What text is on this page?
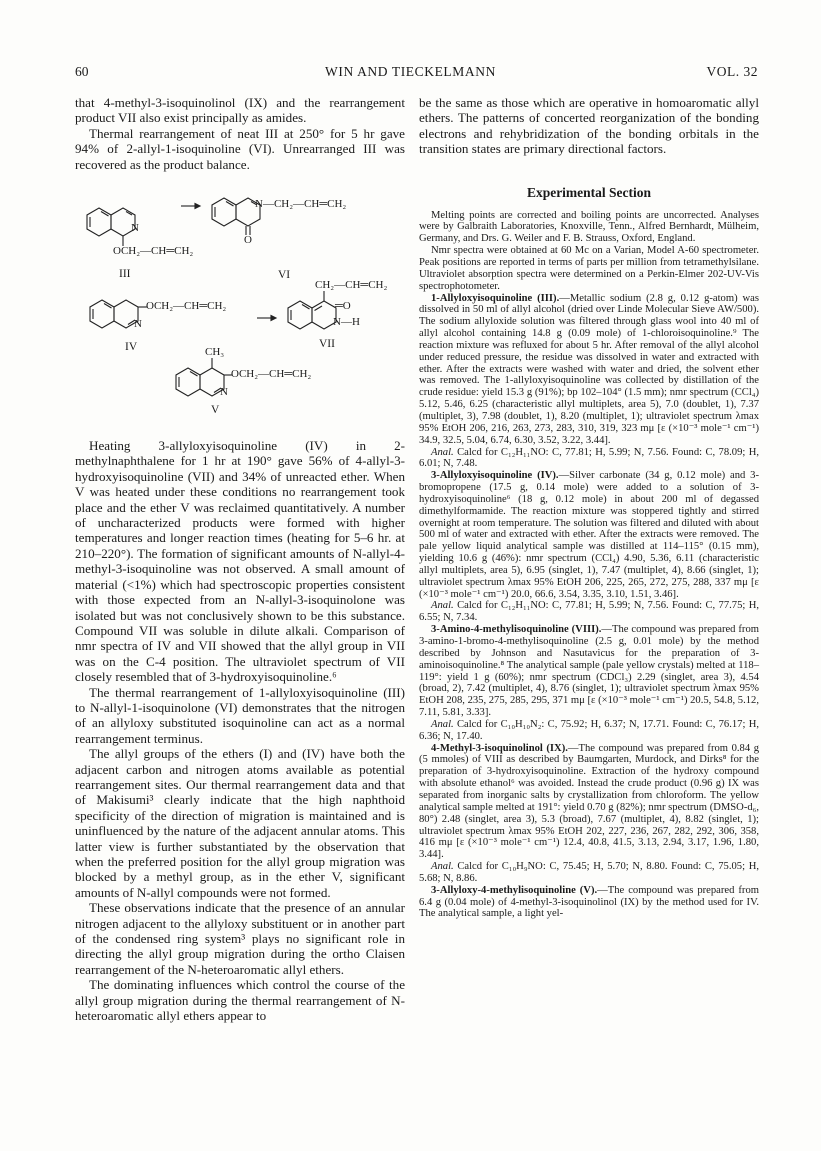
60	WIN AND TIECKELMANN	VOL. 32

that 4-methyl-3-isoquinolinol (IX) and the rearrangement product VII also exist principally as amides.

Thermal rearrangement of neat III at 250° for 5 hr gave 94% of 2-allyl-1-isoquinoline (VI). Unrearranged III was recovered as the product balance.

N
OCH₂—CH═CH₂
III
N—CH₂—CH═CH₂
O
VI
OCH₂—CH═CH₂
N
IV
CH₂—CH═CH₂
═O
N—H
VII
CH₃
OCH₂—CH═CH₂
N
V

Heating 3-allyloxyisoquinoline (IV) in 2-methylnaphthalene for 1 hr at 190° gave 56% of 4-allyl-3-hydroxyisoquinoline (VII) and 34% of unreacted ether. When V was heated under these conditions no rearrangement took place and the ether V was reclaimed quantitatively. A number of uncharacterized products were formed with higher temperatures and longer reaction times (heating for 5–6 hr. at 210–220°). The formation of significant amounts of N-allyl-4-methyl-3-isoquinoline was not observed. A small amount of material (<1%) which had spectroscopic properties consistent with those expected from an N-allyl-3-isoquinolone was isolated but was not conclusively shown to be this substance. Compound VII was soluble in dilute alkali. Comparison of nmr spectra of IV and VII showed that the allyl group in VII was on the C-4 position. The ultraviolet spectrum of VII closely resembled that of 3-hydroxyisoquinoline.⁶

The thermal rearrangement of 1-allyloxyisoquinoline (III) to N-allyl-1-isoquinolone (VI) demonstrates that the nitrogen of an allyloxy substituted isoquinoline can act as a normal rearrangement terminus.

The allyl groups of the ethers (I) and (IV) have both the adjacent carbon and nitrogen atoms available as potential rearrangement sites. Our thermal rearrangement data and that of Makisumi³ clearly indicate that the high naphthoid specificity of the direction of migration is maintained and is uninfluenced by the nature of the adjacent annular atoms. This latter view is further substantiated by the observation that when the preferred position for the allyl group migration was blocked by a methyl group, as in the ether V, significant amounts of N-allyl compounds were not formed.

These observations indicate that the presence of an annular nitrogen adjacent to the allyloxy substituent or in another part of the condensed ring system³ plays no significant role in directing the allyl group migration during the ortho Claisen rearrangement of the N-heteroaromatic allyl ethers.

The dominating influences which control the course of the allyl group migration during the thermal rearrangement of N-heteroaromatic allyl ethers appear to

be the same as those which are operative in homoaromatic allyl ethers. The patterns of concerted reorganization of the bonding electrons and rehybridization of the bonding orbitals in the transition states are primary directional factors.

Experimental Section

Melting points are corrected and boiling points are uncorrected. Analyses were by Galbraith Laboratories, Knoxville, Tenn., Alfred Bernhardt, Mülheim, Germany, and Drs. G. Weiler and F. B. Strauss, Oxford, England.

Nmr spectra were obtained at 60 Mc on a Varian, Model A-60 spectrometer. Peak positions are reported in terms of parts per million from tetramethylsilane. Ultraviolet absorption spectra were determined on a Perkin-Elmer 202-UV-Vis spectrophotometer.

1-Allyloxyisoquinoline (III).—Metallic sodium (2.8 g, 0.12 g-atom) was dissolved in 50 ml of allyl alcohol (dried over Linde Molecular Sieve AW/500). The sodium allyloxide solution was filtered through glass wool into 40 ml of allyl alcohol containing 14.8 g (0.09 mole) of 1-chloroisoquinoline.⁹ The reaction mixture was refluxed for about 5 hr. After removal of the allyl alcohol under reduced pressure, the residue was dissolved in water and extracted with ether. After the extracts were washed with water and dried, the solvent ether was removed. The 1-allyloxyisoquinoline was collected by distillation of the crude residue: yield 15.3 g (91%); bp 102–104° (1.5 mm); nmr spectrum (CCl₄) 5.12, 5.46, 6.25 (characteristic allyl multiplets, area 5), 7.0 (doublet, 1), 7.37 (multiplet, 3), 7.98 (doublet, 1), 8.20 (multiplet, 1); ultraviolet spectrum λmax 95% EtOH 206, 216, 263, 273, 283, 310, 319, 323 mμ [ε (×10⁻³ mole⁻¹ cm⁻¹) 34.9, 32.5, 5.04, 6.74, 6.30, 3.52, 3.22, 3.44].

Anal. Calcd for C₁₂H₁₁NO: C, 77.81; H, 5.99; N, 7.56. Found: C, 78.09; H, 6.01; N, 7.48.

3-Allyloxyisoquinoline (IV).—Silver carbonate (34 g, 0.12 mole) and 3-bromopropene (17.5 g, 0.14 mole) were added to a solution of 3-hydroxyisoquinoline⁶ (18 g, 0.12 mole) in about 200 ml of degassed dimethylformamide. The reaction mixture was stoppered tightly and stirred overnight at room temperature. The solution was filtered and diluted with about 500 ml of water and extracted with ether. After the extracts were removed. The pale yellow liquid analytical sample was distilled at 114–115° (0.15 mm), yielding 10.6 g (46%): nmr spectrum (CCl₄) 4.90, 5.36, 6.11 (characteristic allyl multiplets, area 5), 6.95 (singlet, 1), 7.47 (multiplet, 4), 8.66 (singlet, 1); ultraviolet spectrum λmax 95% EtOH 206, 225, 265, 272, 275, 288, 337 mμ [ε (×10⁻³ mole⁻¹ cm⁻¹) 20.0, 66.6, 3.54, 3.35, 3.10, 1.51, 3.46].

Anal. Calcd for C₁₂H₁₁NO: C, 77.81; H, 5.99; N, 7.56. Found: C, 77.75; H, 6.55; N, 7.34.

3-Amino-4-methylisoquinoline (VIII).—The compound was prepared from 3-amino-1-bromo-4-methylisoquinoline (2.5 g, 0.01 mole) by the method described by Johnson and Nasutavicus for the preparation of 3-aminoisoquinoline.⁸ The analytical sample (pale yellow crystals) melted at 118–119°: yield 1 g (60%); nmr spectrum (CDCl₃) 2.29 (singlet, area 3), 4.54 (broad, 2), 7.42 (multiplet, 4), 8.76 (singlet, 1); ultraviolet spectrum λmax 95% EtOH 208, 235, 275, 285, 295, 371 mμ [ε (×10⁻³ mole⁻¹ cm⁻¹) 20.5, 54.8, 5.12, 7.11, 5.81, 3.33].

Anal. Calcd for C₁₀H₁₀N₂: C, 75.92; H, 6.37; N, 17.71. Found: C, 76.17; H, 6.36; N, 17.40.

4-Methyl-3-isoquinolinol (IX).—The compound was prepared from 0.84 g (5 mmoles) of VIII as described by Baumgarten, Murdock, and Dirks⁸ for the preparation of 3-hydroxyisoquinoline. Extraction of the hydroxy compound with absolute ethanol⁶ was avoided. Instead the crude product (0.96 g) IX was separated from inorganic salts by crystallization from chloroform. The yellow analytical sample melted at 191°: yield 0.70 g (82%); nmr spectrum (DMSO-d₆, 80°) 2.48 (singlet, area 3), 5.3 (broad), 7.67 (multiplet, 4), 8.82 (singlet, 1); ultraviolet spectrum λmax 95% EtOH 202, 227, 236, 267, 282, 292, 306, 358, 416 mμ [ε (×10⁻³ mole⁻¹ cm⁻¹) 12.4, 40.8, 41.5, 3.13, 2.94, 3.17, 1.96, 1.80, 3.44].

Anal. Calcd for C₁₀H₉NO: C, 75.45; H, 5.70; N, 8.80. Found: C, 75.05; H, 5.68; N, 8.86.

3-Allyloxy-4-methylisoquinoline (V).—The compound was prepared from 6.4 g (0.04 mole) of 4-methyl-3-isoquinolinol (IX) by the method used for IV. The analytical sample, a light yel-
